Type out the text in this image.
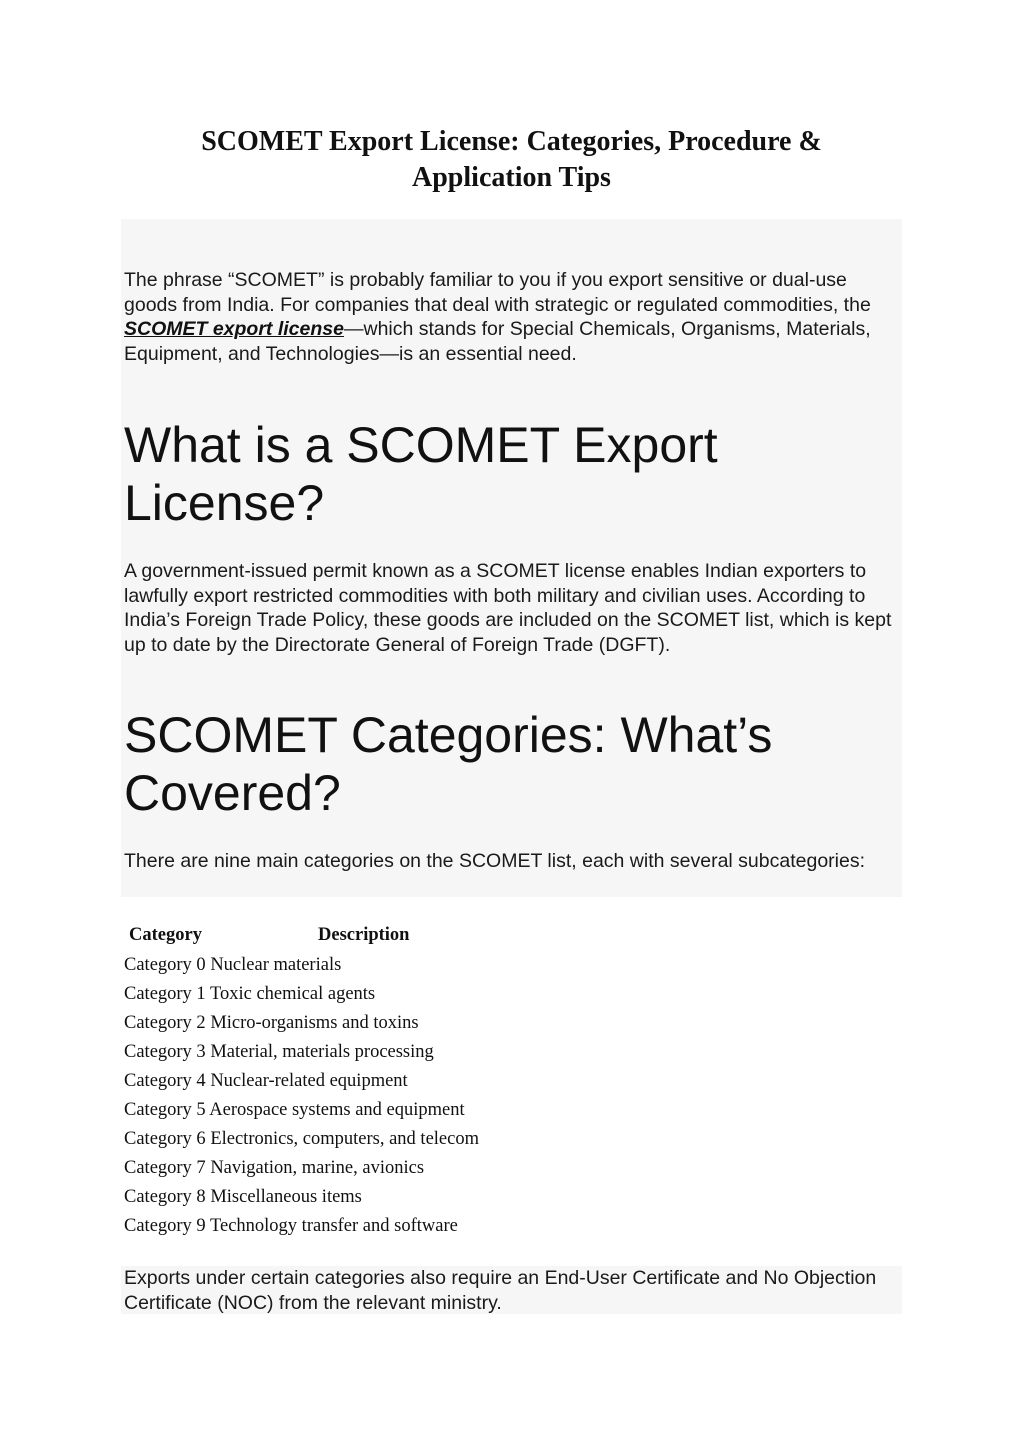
SCOMET Export License: Categories, Procedure & Application Tips

The phrase “SCOMET” is probably familiar to you if you export sensitive or dual-use goods from India. For companies that deal with strategic or regulated commodities, the SCOMET export license—which stands for Special Chemicals, Organisms, Materials, Equipment, and Technologies—is an essential need.

What is a SCOMET Export License?

A government-issued permit known as a SCOMET license enables Indian exporters to lawfully export restricted commodities with both military and civilian uses. According to India’s Foreign Trade Policy, these goods are included on the SCOMET list, which is kept up to date by the Directorate General of Foreign Trade (DGFT).

SCOMET Categories: What’s Covered?

There are nine main categories on the SCOMET list, each with several subcategories:

Category	Description
Category 0 Nuclear materials
Category 1 Toxic chemical agents
Category 2 Micro-organisms and toxins
Category 3 Material, materials processing
Category 4 Nuclear-related equipment
Category 5 Aerospace systems and equipment
Category 6 Electronics, computers, and telecom
Category 7 Navigation, marine, avionics
Category 8 Miscellaneous items
Category 9 Technology transfer and software

Exports under certain categories also require an End-User Certificate and No Objection Certificate (NOC) from the relevant ministry.
